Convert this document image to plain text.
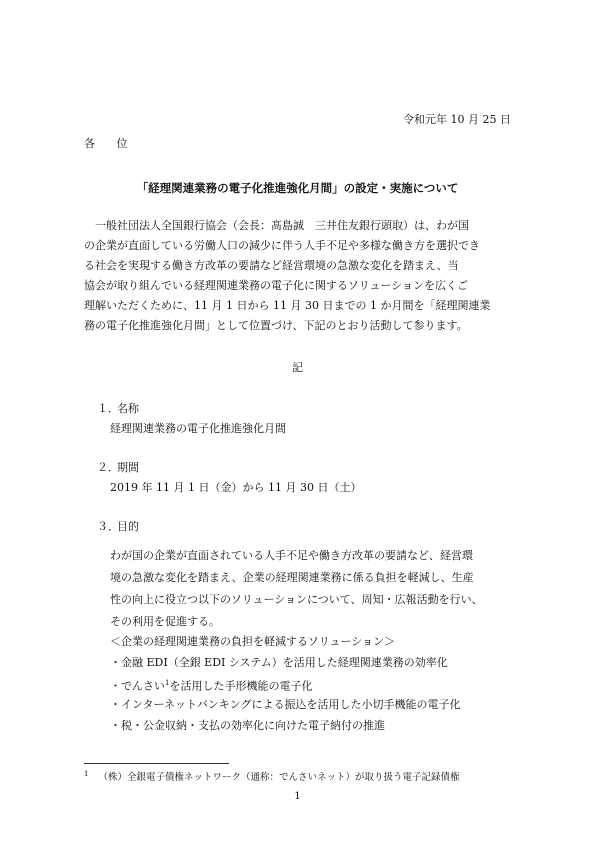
令和元年 10 月 25 日
各 位
「経理関連業務の電子化推進強化月間」の設定・実施について
一般社団法人全国銀行協会（会長：髙島誠　三井住友銀行頭取）は、わが国
の企業が直面している労働人口の減少に伴う人手不足や多様な働き方を選択でき
る社会を実現する働き方改革の要請など経営環境の急激な変化を踏まえ、当
協会が取り組んでいる経理関連業務の電子化に関するソリューションを広くご
理解いただくために、11 月 1 日から 11 月 30 日までの 1 か月間を「経理関連業
務の電子化推進強化月間」として位置づけ、下記のとおり活動して参ります。
記
１．
名称
経理関連業務の電子化推進強化月間
２．
期間
2019 年 11 月 1 日（金）から 11 月 30 日（土）
３．
目的
わが国の企業が直面されている人手不足や働き方改革の要請など、経営環
境の急激な変化を踏まえ、企業の経理関連業務に係る負担を軽減し、生産
性の向上に役立つ以下のソリューションについて、周知・広報活動を行い、
その利用を促進する。
＜企業の経理関連業務の負担を軽減するソリューション＞
・金融 EDI（全銀 EDI システム）を活用した経理関連業務の効率化
・でんさい$^1$を活用した手形機能の電子化
・インターネットバンキングによる振込を活用した小切手機能の電子化
・税・公金収納・支払の効率化に向けた電子納付の推進
$^1$ （株）全銀電子債権ネットワーク（通称：でんさいネット）が取り扱う電子記録債権
1
